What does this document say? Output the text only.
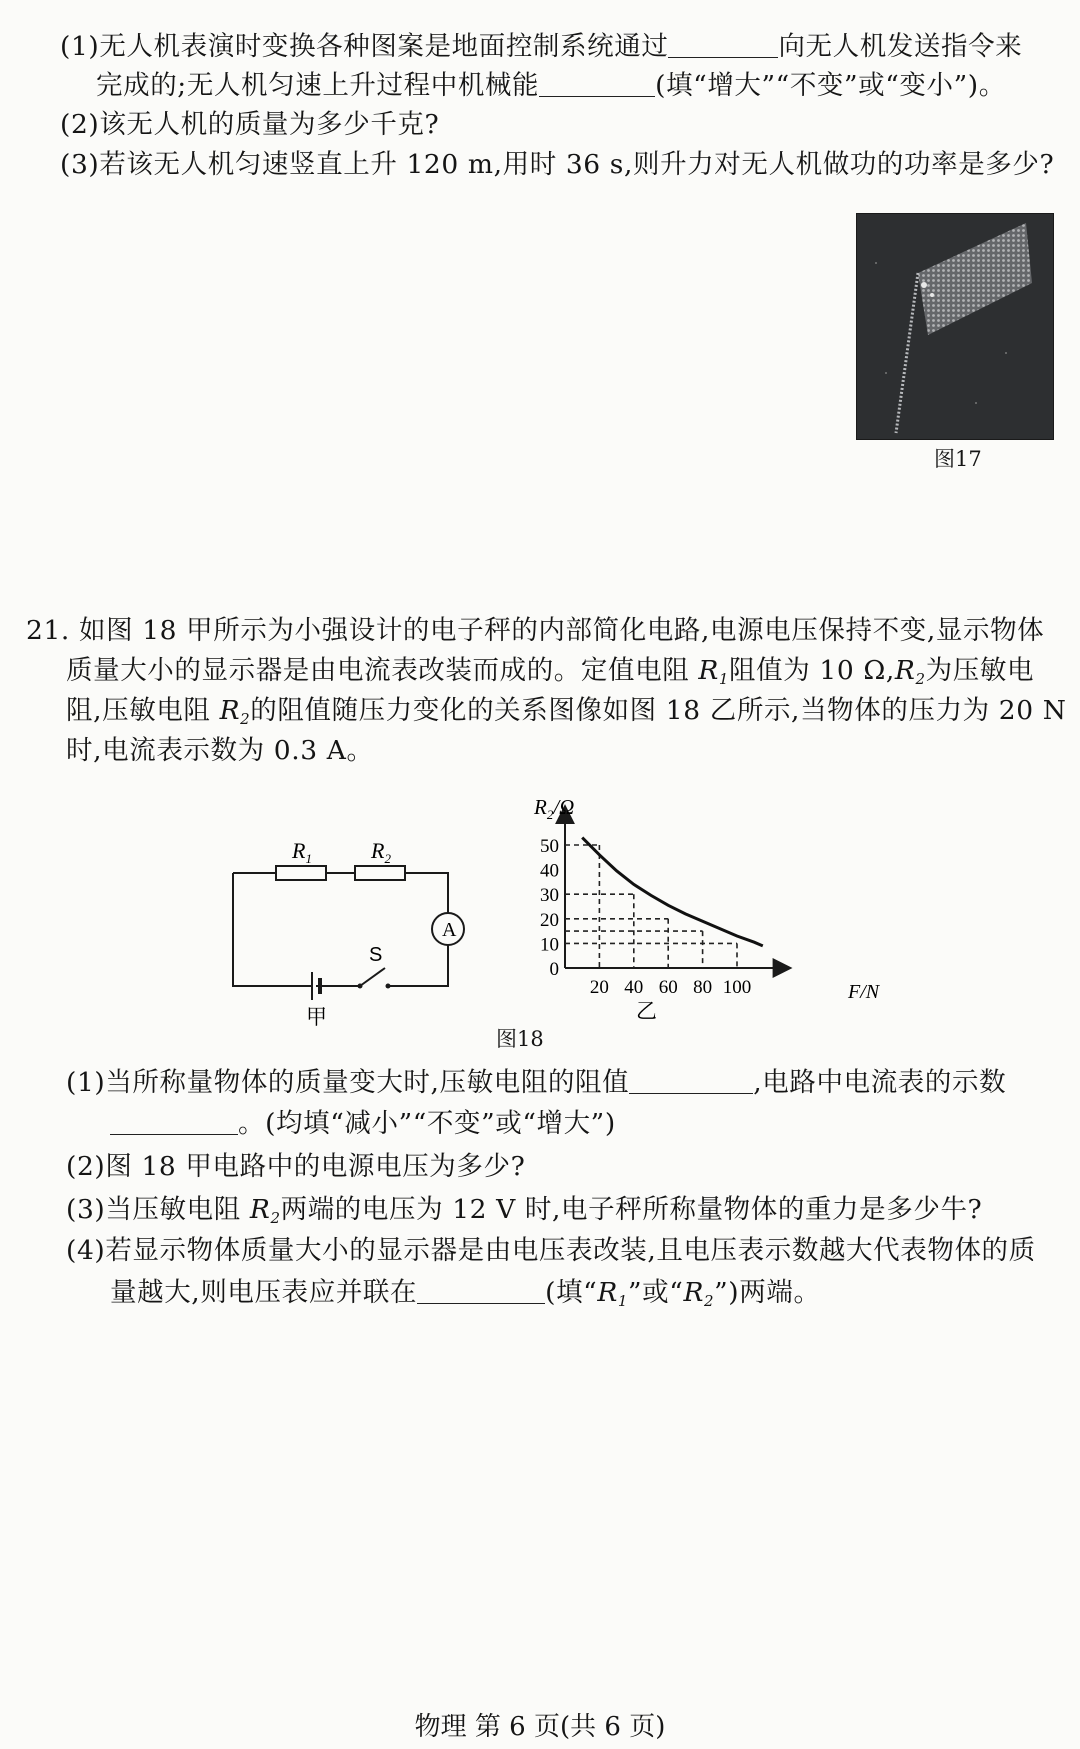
(1)无人机表演时变换各种图案是地面控制系统通过	向无人机发送指令来
完成的;无人机匀速上升过程中机械能	(填“增大”“不变”或“变小”)。
(2)该无人机的质量为多少千克?
(3)若该无人机匀速竖直上升 120 m,用时 36 s,则升力对无人机做功的功率是多少?
图17
21. 如图 18 甲所示为小强设计的电子秤的内部简化电路,电源电压保持不变,显示物体
质量大小的显示器是由电流表改装而成的。定值电阻 $R_1$阻值为 10 $\Omega,R_2$为压敏电
阻,压敏电阻 $R_2$的阻值随压力变化的关系图像如图 18 乙所示,当物体的压力为 20 N
时,电流表示数为 0.3 A。
A
$R_1$	$R_2$
S
甲
0
10
20
30
40
50
20 40 60 80 100
$R_2/\Omega$
F/N
乙
图18
(1)当所称量物体的质量变大时,压敏电阻的阻值	,电路中电流表的示数
。(均填“减小”“不变”或“增大”)
(2)图 18 甲电路中的电源电压为多少?
(3)当压敏电阻 $R_2$两端的电压为 12 V 时,电子秤所称量物体的重力是多少牛?
(4)若显示物体质量大小的显示器是由电压表改装,且电压表示数越大代表物体的质
量越大,则电压表应并联在	(填“$R_1$”或“$R_2$”)两端。
物理 第 6 页(共 6 页)
